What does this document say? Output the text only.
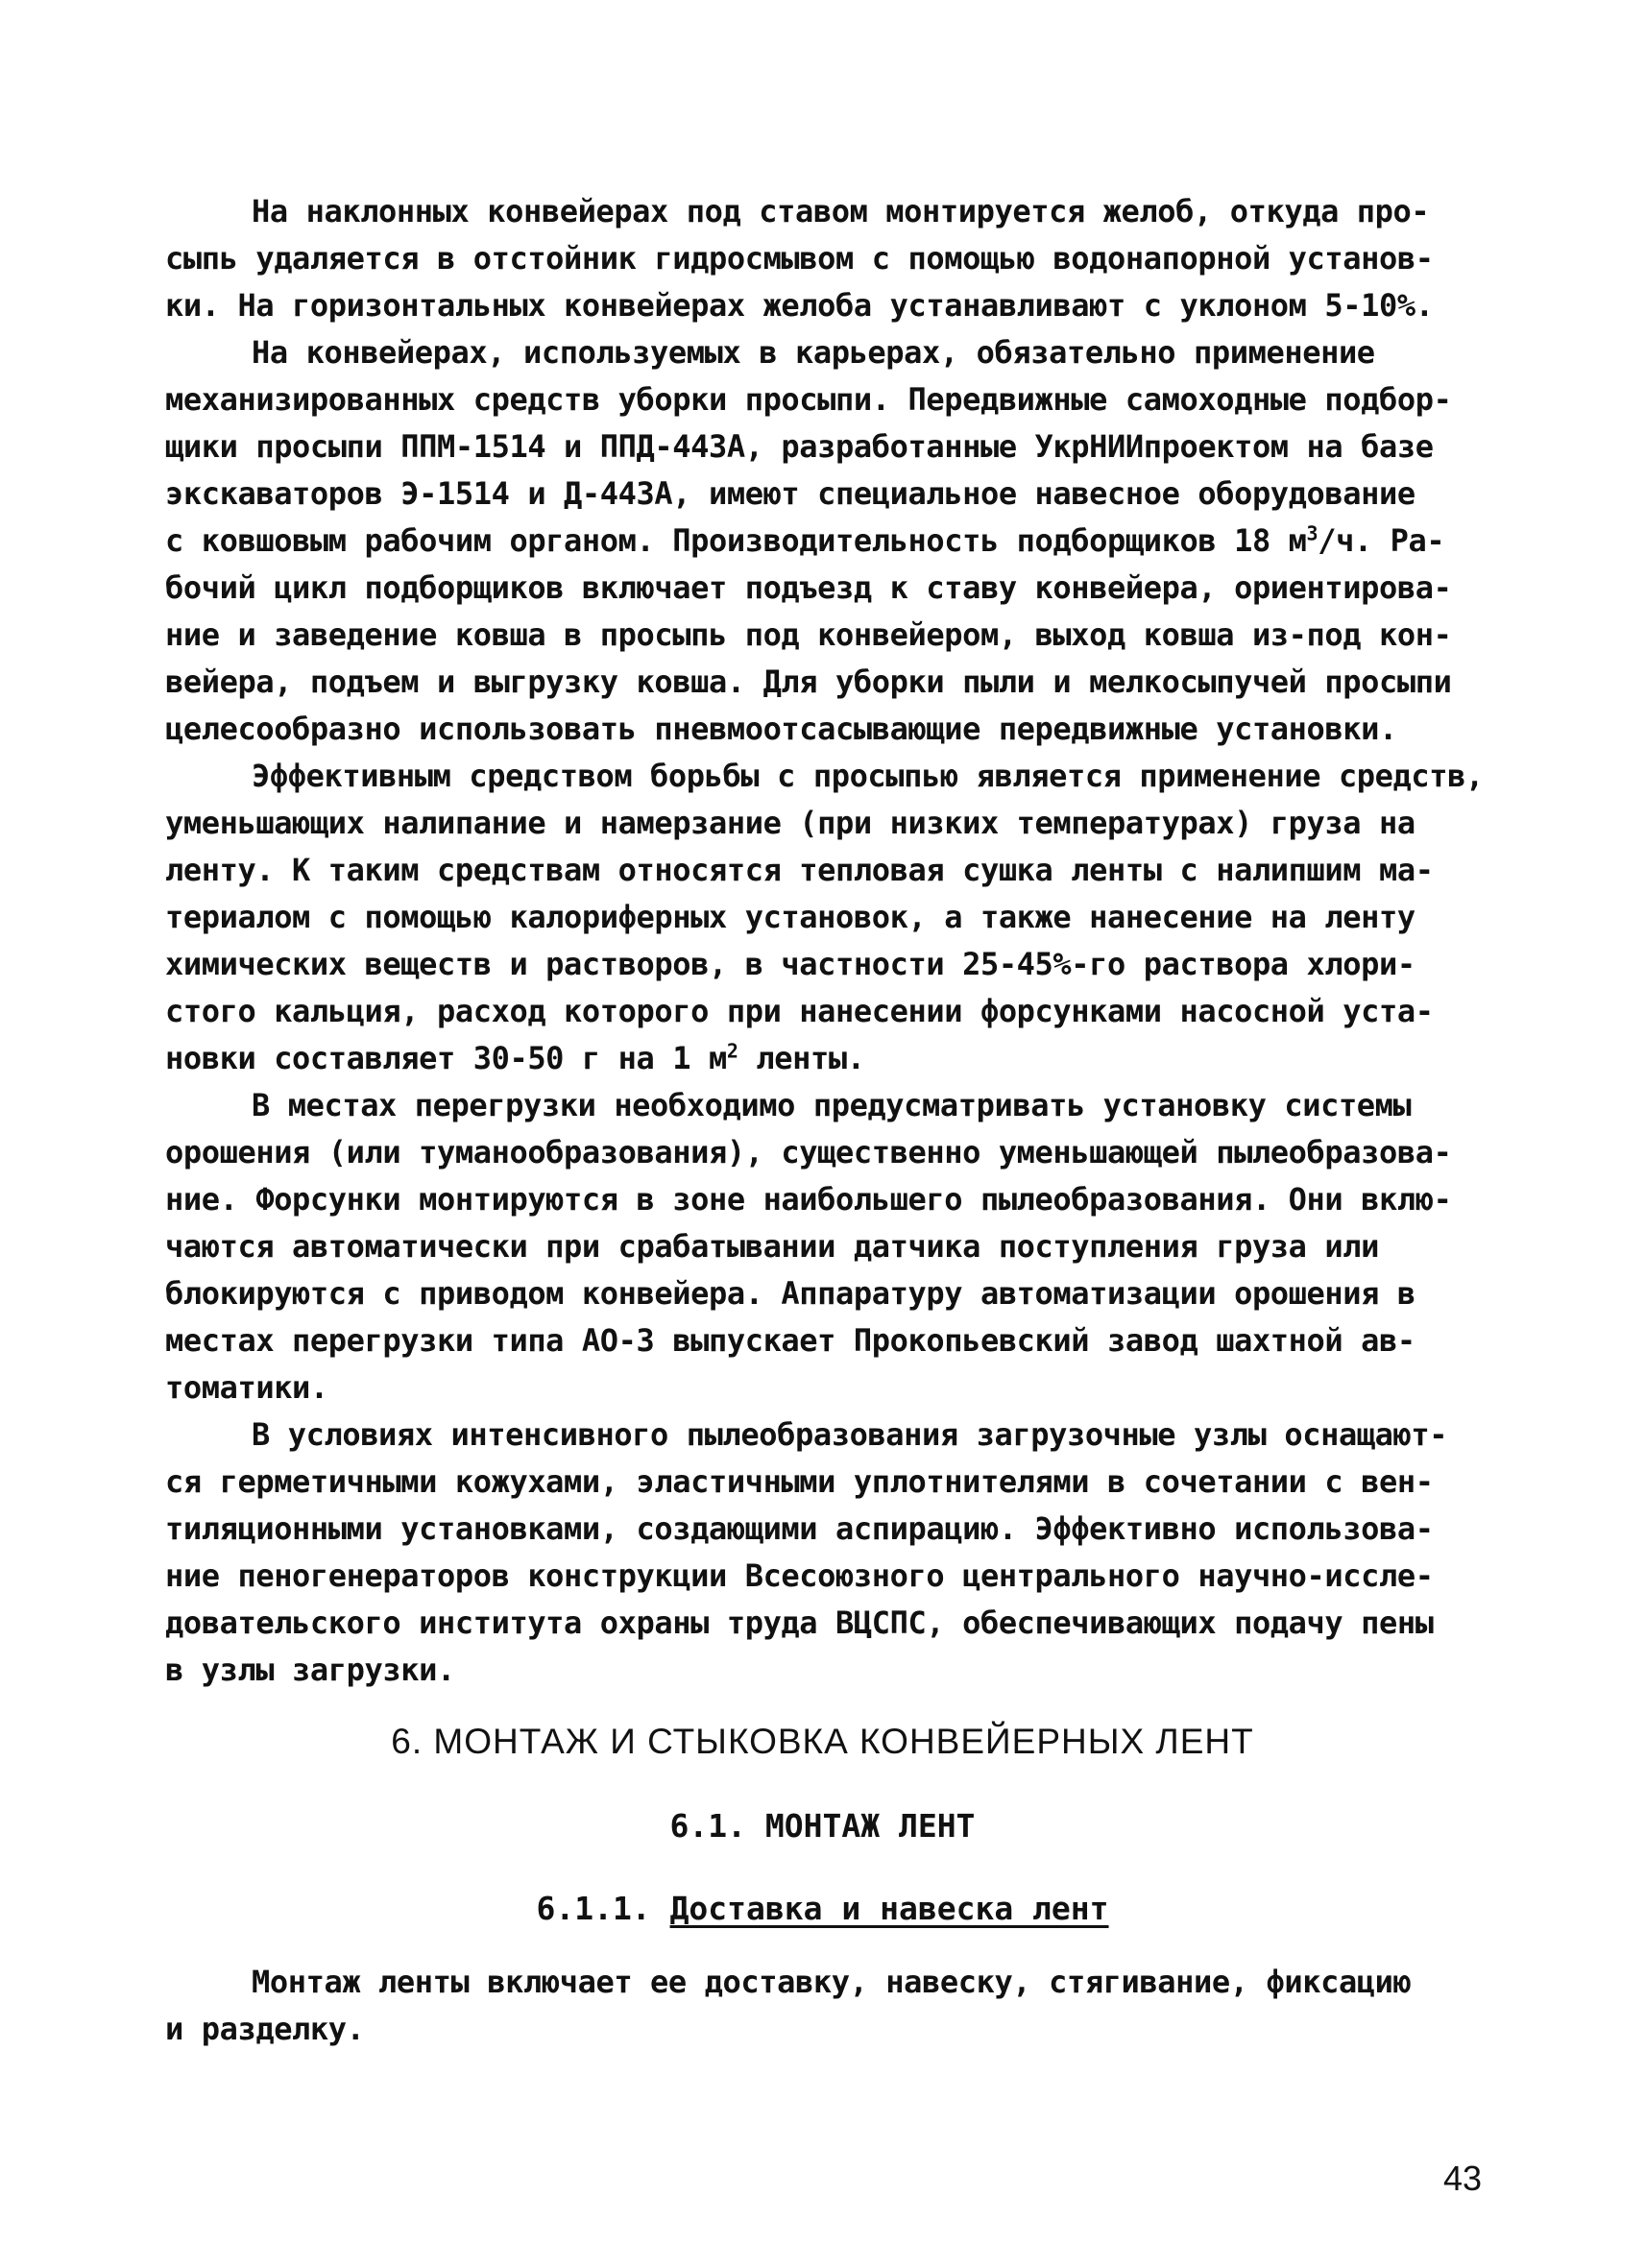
На наклонных конвейерах под ставом монтируется желоб, откуда про-
сыпь удаляется в отстойник гидросмывом с помощью водонапорной установ-
ки. На горизонтальных конвейерах желоба устанавливают с уклоном 5-10%.

На конвейерах, используемых в карьерах, обязательно применение
механизированных средств уборки просыпи. Передвижные самоходные подбор-
щики просыпи ППМ-1514 и ППД-443А, разработанные УкрНИИпроектом на базе
экскаваторов Э-1514 и Д-443А, имеют специальное навесное оборудование
с ковшовым рабочим органом. Производительность подборщиков 18 $м^3/ч$. Ра-
бочий цикл подборщиков включает подъезд к ставу конвейера, ориентирова-
ние и заведение ковша в просыпь под конвейером, выход ковша из-под кон-
вейера, подъем и выгрузку ковша. Для уборки пыли и мелкосыпучей просыпи
целесообразно использовать пневмоотсасывающие передвижные установки.

Эффективным средством борьбы с просыпью является применение средств,
уменьшающих налипание и намерзание (при низких температурах) груза на
ленту. К таким средствам относятся тепловая сушка ленты с налипшим ма-
териалом с помощью калориферных установок, а также нанесение на ленту
химических веществ и растворов, в частности 25-45%-го раствора хлори-
стого кальция, расход которого при нанесении форсунками насосной уста-
новки составляет 30-50 г на 1 $м^2$ ленты.

В местах перегрузки необходимо предусматривать установку системы
орошения (или туманообразования), существенно уменьшающей пылеобразова-
ние. Форсунки монтируются в зоне наибольшего пылеобразования. Они вклю-
чаются автоматически при срабатывании датчика поступления груза или
блокируются с приводом конвейера. Аппаратуру автоматизации орошения в
местах перегрузки типа АО-3 выпускает Прокопьевский завод шахтной ав-
томатики.

В условиях интенсивного пылеобразования загрузочные узлы оснащают-
ся герметичными кожухами, эластичными уплотнителями в сочетании с вен-
тиляционными установками, создающими аспирацию. Эффективно использова-
ние пеногенераторов конструкции Всесоюзного центрального научно-иссле-
довательского института охраны труда ВЦСПС, обеспечивающих подачу пены
в узлы загрузки.

6. МОНТАЖ И СТЫКОВКА КОНВЕЙЕРНЫХ ЛЕНТ
6.1. МОНТАЖ ЛЕНТ
6.1.1. Доставка и навеска лент
Монтаж ленты включает ее доставку, навеску, стягивание, фиксацию
и разделку.

43
